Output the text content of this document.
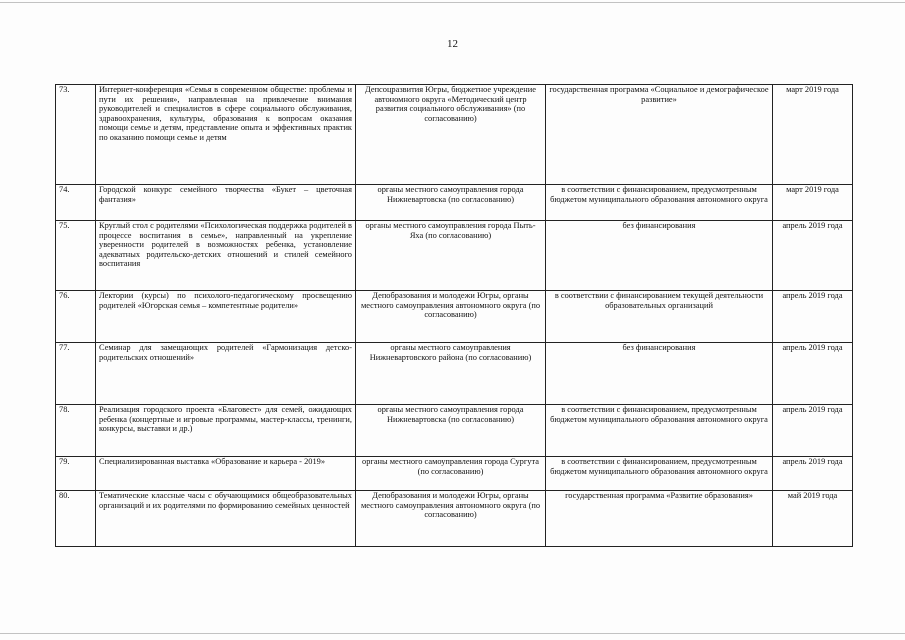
12
73.	Интернет-конференция «Семья в современном обществе: проблемы и пути их решения», направленная на привлечение внимания руководителей и специалистов в сфере социального обслуживания, здравоохранения, культуры, образования к вопросам оказания помощи семье и детям, представление опыта и эффективных практик по оказанию помощи семье и детям	Депсоцразвития Югры, бюджетное учреждение автономного округа «Методический центр развития социального обслуживания» (по согласованию)	государственная программа «Социальное и демографическое развитие»	март 2019 года
74.	Городской конкурс семейного творчества «Букет – цветочная фантазия»	органы местного самоуправления города Нижневартовска (по согласованию)	в соответствии с финансированием, предусмотренным бюджетом муниципального образования автономного округа	март 2019 года
75.	Круглый стол с родителями «Психологическая поддержка родителей в процессе воспитания в семье», направленный на укрепление уверенности родителей в возможностях ребенка, установление адекватных родительско-детских отношений и стилей семейного воспитания	органы местного самоуправления города Пыть-Яха (по согласованию)	без финансирования	апрель 2019 года
76.	Лектории (курсы) по психолого-педагогическому просвещению родителей «Югорская семья – компетентные родители»	Депобразования и молодежи Югры, органы местного самоуправления автономного округа (по согласованию)	в соответствии с финансированием текущей деятельности образовательных организаций	апрель 2019 года
77.	Семинар для замещающих родителей «Гармонизация детско-родительских отношений»	органы местного самоуправления Нижневартовского района (по согласованию)	без финансирования	апрель 2019 года
78.	Реализация городского проекта «Благовест» для семей, ожидающих ребенка (концертные и игровые программы, мастер-классы, тренинги, конкурсы, выставки и др.)	органы местного самоуправления города Нижневартовска (по согласованию)	в соответствии с финансированием, предусмотренным бюджетом муниципального образования автономного округа	апрель 2019 года
79.	Специализированная выставка «Образование и карьера - 2019»	органы местного самоуправления города Сургута (по согласованию)	в соответствии с финансированием, предусмотренным бюджетом муниципального образования автономного округа	апрель 2019 года
80.	Тематические классные часы с обучающимися общеобразовательных организаций и их родителями по формированию семейных ценностей	Депобразования и молодежи Югры, органы местного самоуправления автономного округа (по согласованию)	государственная программа «Развитие образования»	май 2019 года
